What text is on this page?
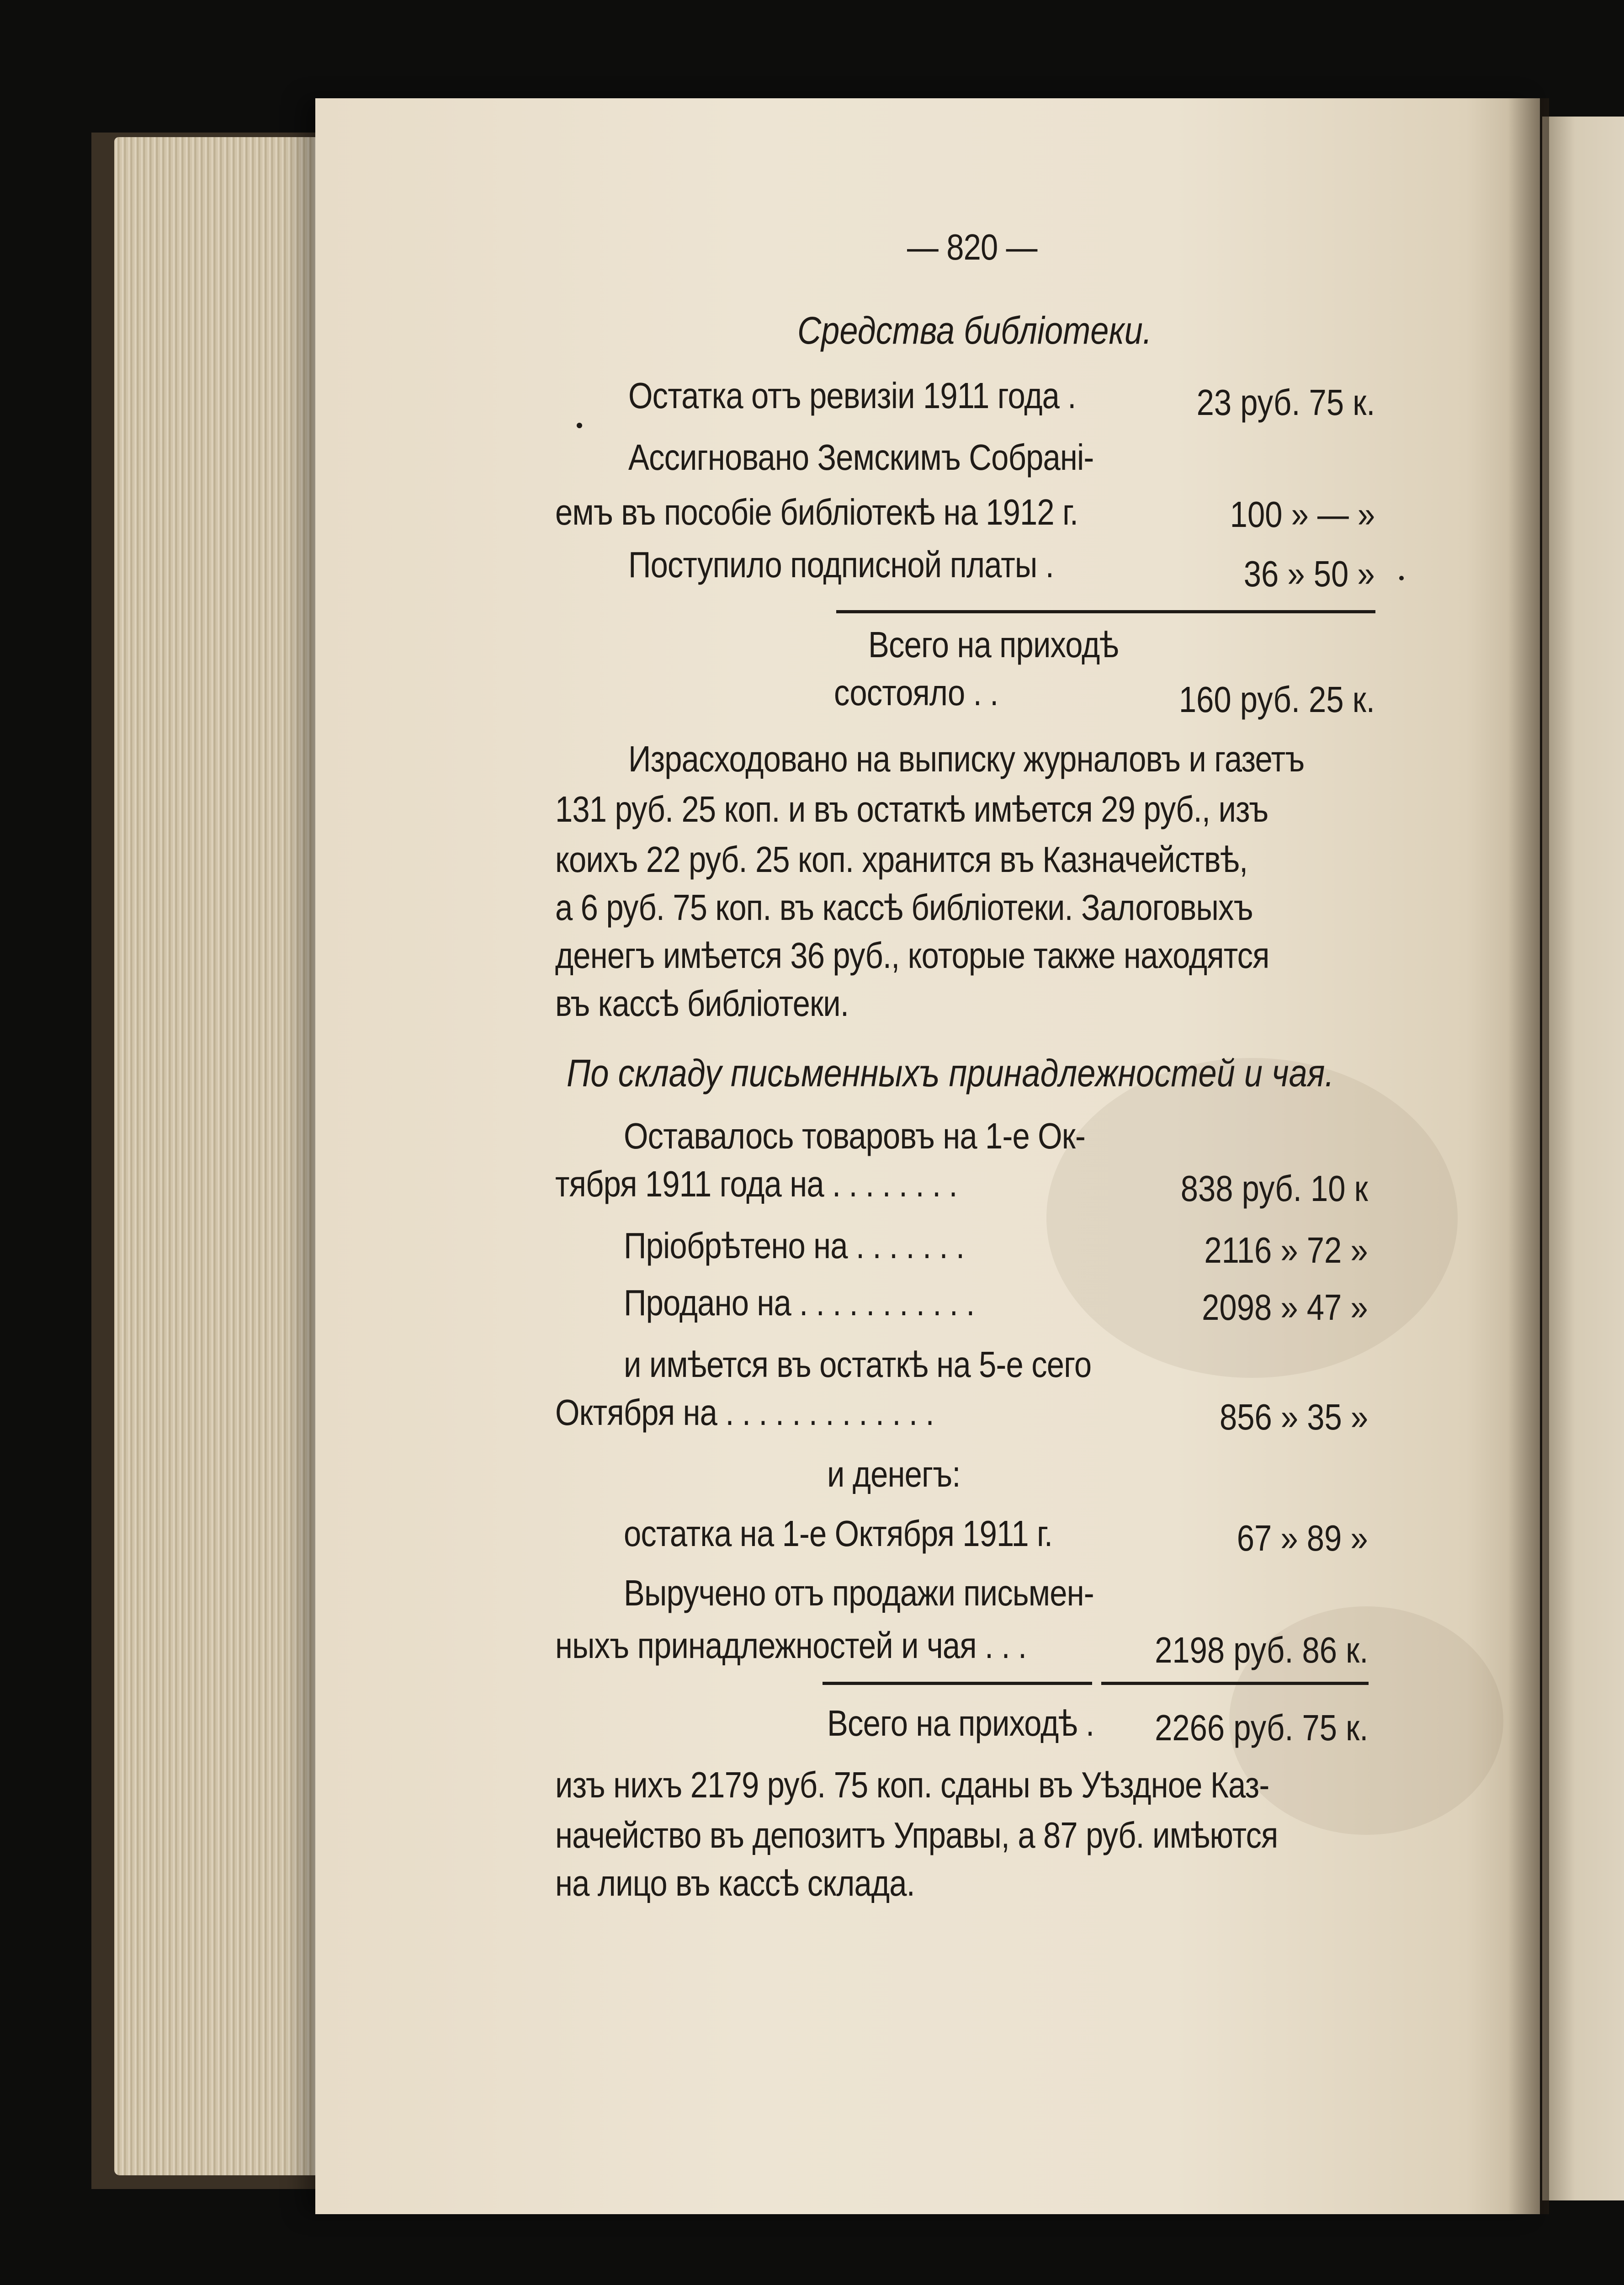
— 820 —
Средства библіотеки.
Остатка отъ ревизіи 1911 года .	23 руб. 75 к.
Ассигновано Земскимъ Собрані-
емъ въ пособіе библіотекѣ на 1912 г.	100 » — »
Поступило подписной платы .	36 » 50 »
Всего на приходѣ
состояло . .	160 руб. 25 к.
Израсходовано на выписку журналовъ и газетъ
131 руб. 25 коп. и въ остаткѣ имѣется 29 руб., изъ
коихъ 22 руб. 25 коп. хранится въ Казначействѣ,
а 6 руб. 75 коп. въ кассѣ библіотеки. Залоговыхъ
денегъ имѣется 36 руб., которые также находятся
въ кассѣ библіотеки.
По складу письменныхъ принадлежностей и чая.
Оставалось товаровъ на 1-е Ок-
тября 1911 года на . . . . . . . .	838 руб. 10 к
Пріобрѣтено на . . . . . . .	2116 » 72 »
Продано на . . . . . . . . . . .	2098 » 47 »
и имѣется въ остаткѣ на 5-е сего
Октября на . . . . . . . . . . . . .	856 » 35 »
и денегъ:
остатка на 1-е Октября 1911 г.	67 » 89 »
Выручено отъ продажи письмен-
ныхъ принадлежностей и чая . . .	2198 руб. 86 к.
Всего на приходѣ . 2266 руб. 75 к.
изъ нихъ 2179 руб. 75 коп. сданы въ Уѣздное Каз-
начейство въ депозитъ Управы, а 87 руб. имѣются
на лицо въ кассѣ склада.
